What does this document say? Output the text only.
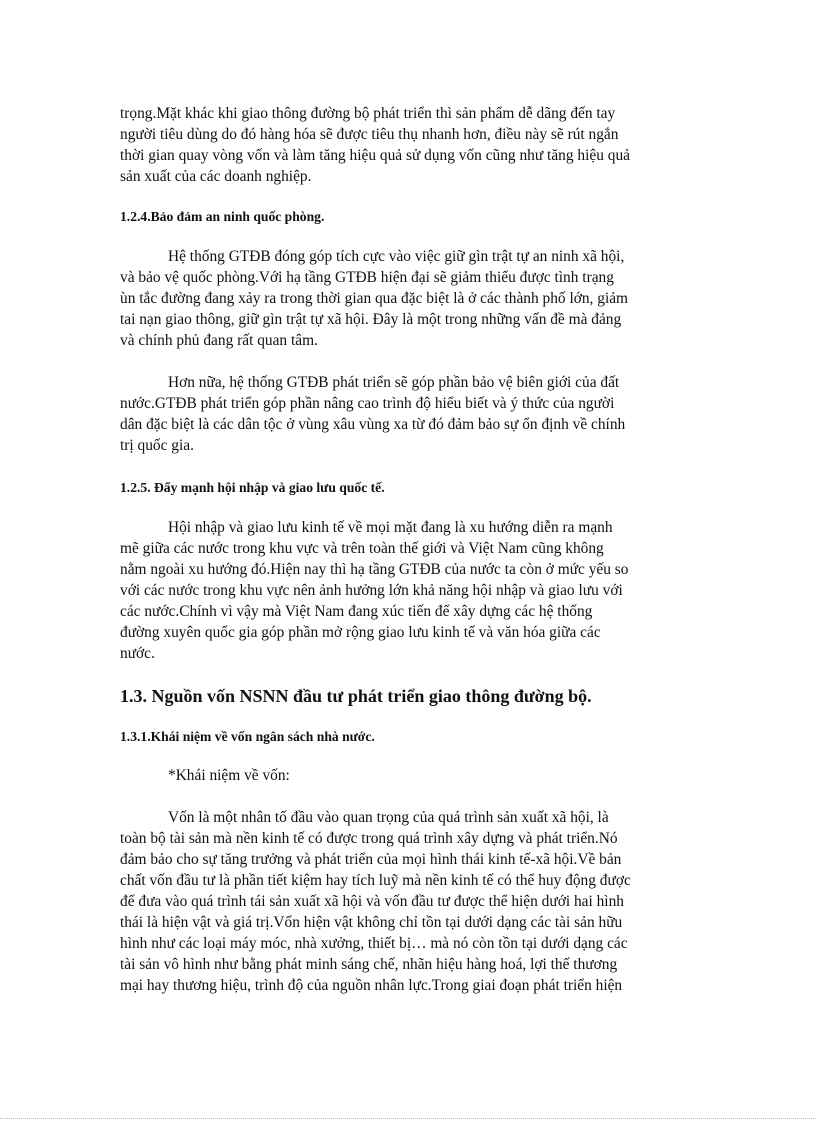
trọng.Mặt khác khi giao thông đường bộ phát triển thì sản phẩm dễ dãng đến tay

người tiêu dùng do đó hàng hóa sẽ được tiêu thụ nhanh hơn, điều này sẽ rút ngắn

thời gian quay vòng vốn và làm tăng hiệu quả sử dụng vốn cũng như tăng hiệu quả

sản xuất của các doanh nghiệp.

1.2.4.Bảo đảm an ninh quốc phòng.

Hệ thống GTĐB đóng góp tích cực vào việc giữ gìn trật tự an ninh xã hội,

và bảo vệ quốc phòng.Với hạ tầng GTĐB hiện đại sẽ giảm thiểu được tình trạng

ùn tắc đường đang xảy ra trong thời gian qua đặc biệt là ở các thành phố lớn, giảm

tai nạn giao thông, giữ gìn trật tự xã hội. Đây là một trong những vấn đề mà đảng

và chính phủ đang rất quan tâm.

Hơn nữa, hệ thống GTĐB phát triển sẽ góp phần bảo vệ biên giới của đất

nước.GTĐB phát triển góp phần nâng cao trình độ hiểu biết và ý thức của người

dân đặc biệt là các dân tộc ở vùng xâu vùng xa từ đó đảm bảo sự ổn định về chính

trị quốc gia.

1.2.5. Đẩy mạnh hội nhập và giao lưu quốc tế.

Hội nhập và giao lưu kinh tế về mọi mặt đang là xu hướng diễn ra mạnh

mẽ giữa các nước trong khu vực và trên toàn thế giới và Việt Nam cũng không

nằm ngoài xu hướng đó.Hiện nay thì hạ tầng GTĐB của nước ta còn ở mức yếu so

với các nước trong khu vực nên ảnh hưởng lớn khả năng hội nhập và giao lưu với

các nước.Chính vì vậy mà Việt Nam đang xúc tiến để xây dựng các hệ thống

đường xuyên quốc gia góp phần mở rộng giao lưu kinh tế và văn hóa giữa các

nước.

1.3. Nguồn vốn NSNN đầu tư phát triển giao thông đường bộ.

1.3.1.Khái niệm về vốn ngân sách nhà nước.

*Khái niệm về vốn:

Vốn là một nhân tố đầu vào quan trọng của quá trình sản xuất xã hội, là

toàn bộ tài sản mà nền kinh tế có được trong quá trình xây dựng và phát triển.Nó

đảm bảo cho sự tăng trưởng và phát triển của mọi hình thái kinh tế-xã hội.Về bản

chất vốn đầu tư là phần tiết kiệm hay tích luỹ mà nền kinh tế có thể huy động được

để đưa vào quá trình tái sản xuất xã hội và vốn đầu tư được thể hiện dưới hai hình

thái là hiện vật và giá trị.Vốn hiện vật không chỉ tồn tại dưới dạng các tài sản hữu

hình như các loại máy móc, nhà xưởng, thiết bị… mà nó còn tồn tại dưới dạng các

tài sản vô hình như bằng phát minh sáng chế, nhãn hiệu hàng hoá, lợi thế thương

mại hay thương hiệu, trình độ của nguồn nhân lực.Trong giai đoạn phát triển hiện
